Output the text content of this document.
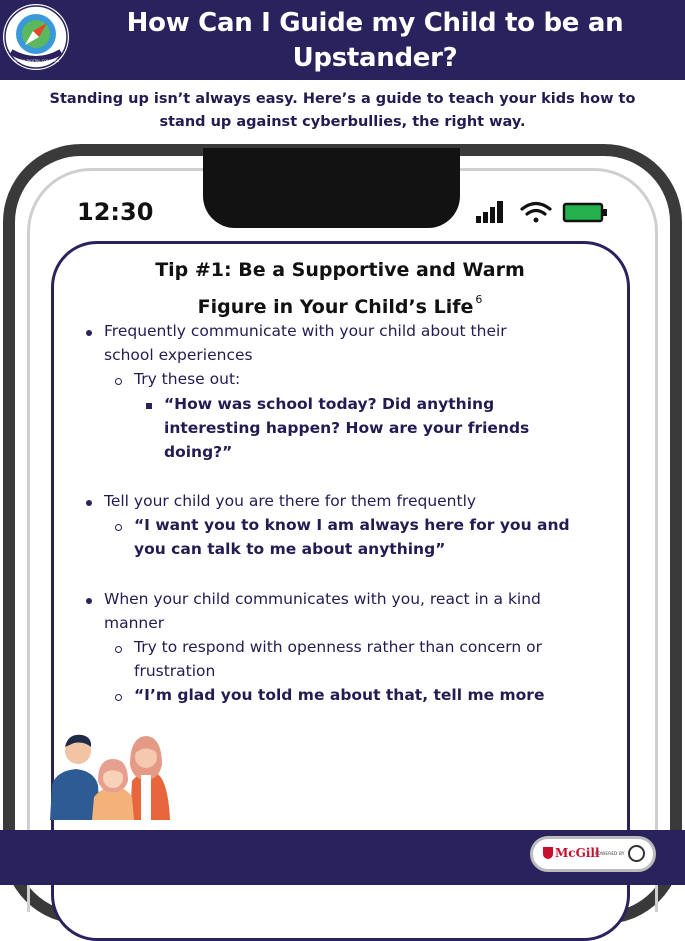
YOUTH DIGITAL COMPASS
How Can I Guide my Child to be an
Upstander?
Standing up isn’t always easy. Here’s a guide to teach your kids how to
stand up against cyberbullies, the right way.
12:30
Tip #1: Be a Supportive and Warm
Figure in Your Child’s Life $^6$
Frequently communicate with your child about their
school experiences
Try these out:
“How was school today? Did anything
interesting happen? How are your friends
doing?”
Tell your child you are there for them frequently
“I want you to know I am always here for you and
you can talk to me about anything”
When your child communicates with you, react in a kind
manner
Try to respond with openness rather than concern or
frustration
“I’m glad you told me about that, tell me more
McGill
POWERED BY
